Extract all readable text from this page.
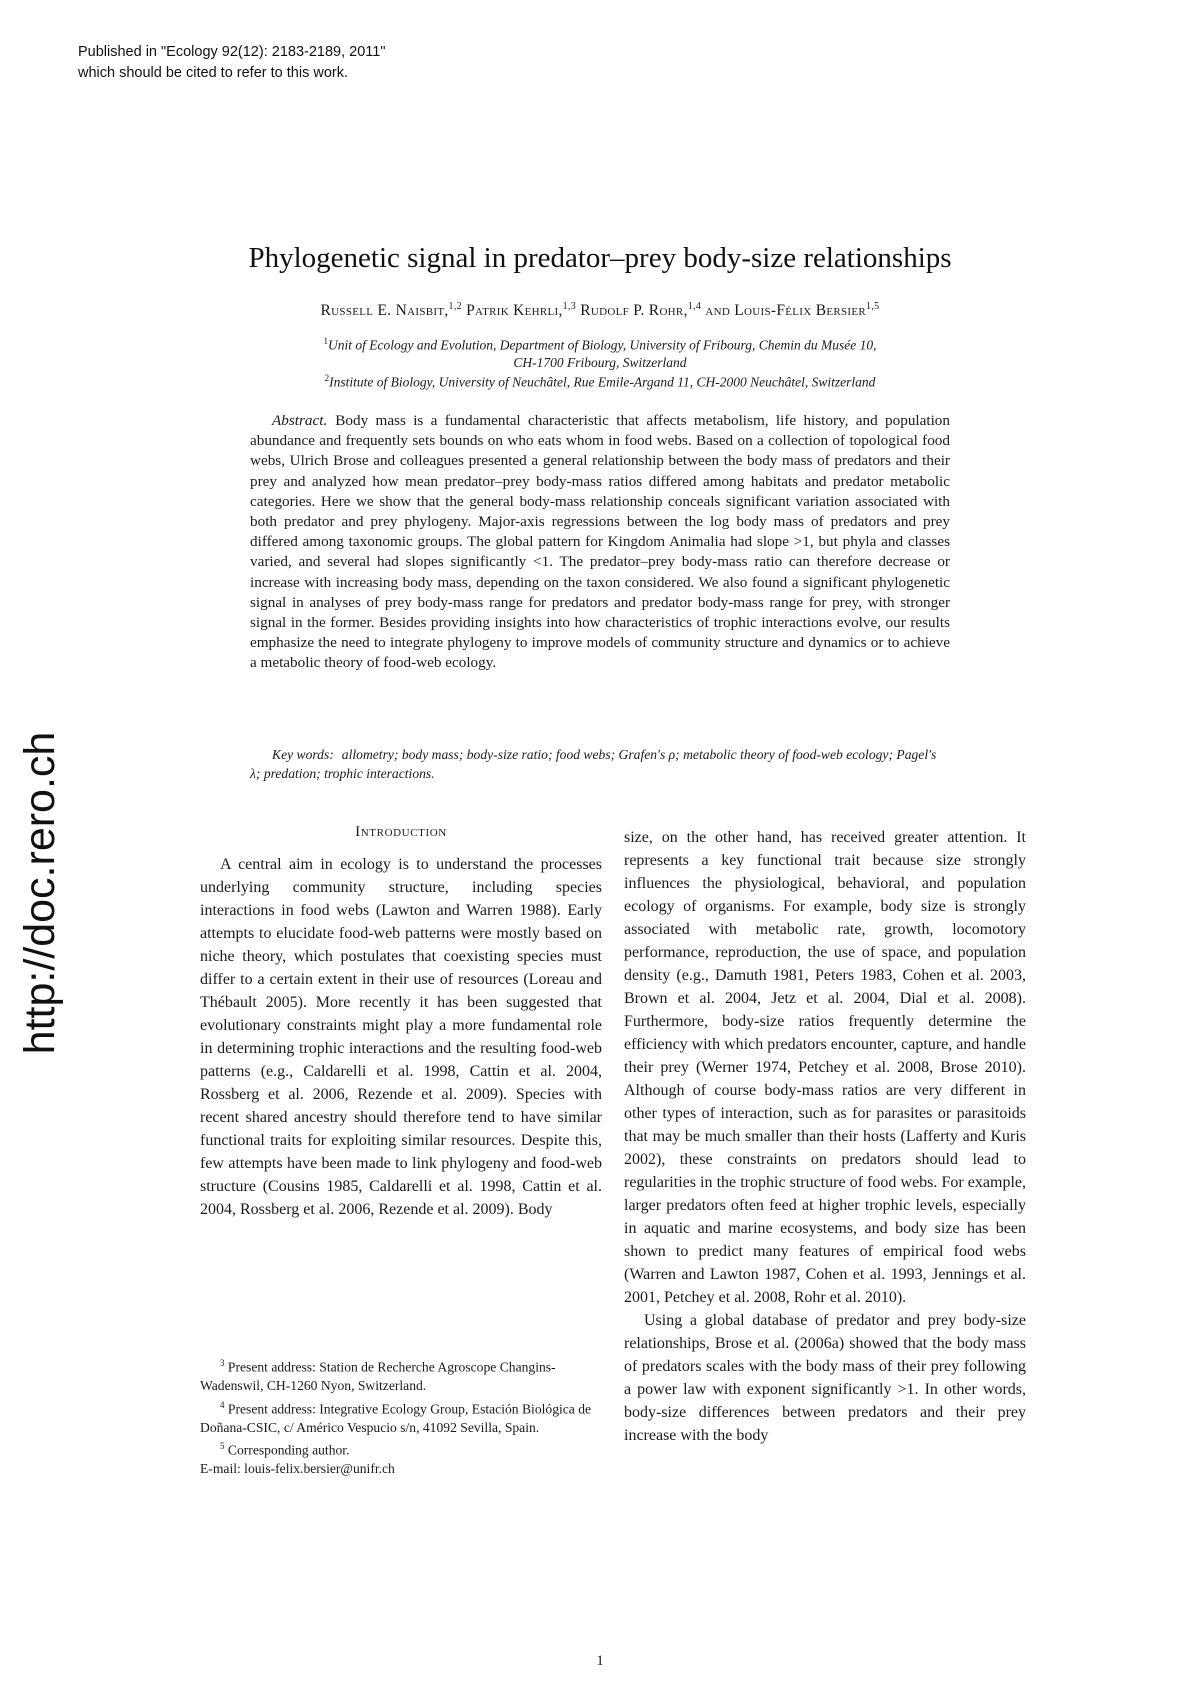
Published in "Ecology 92(12): 2183-2189, 2011"
which should be cited to refer to this work.
http://doc.rero.ch
Phylogenetic signal in predator–prey body-size relationships
Russell E. Naisbit,$^{1,2}$ Patrik Kehrli,$^{1,3}$ Rudolf P. Rohr,$^{1,4}$ and Louis-Félix Bersier$^{1,5}$
$^1$Unit of Ecology and Evolution, Department of Biology, University of Fribourg, Chemin du Musée 10,
CH-1700 Fribourg, Switzerland
$^2$Institute of Biology, University of Neuchâtel, Rue Emile-Argand 11, CH-2000 Neuchâtel, Switzerland
Abstract. Body mass is a fundamental characteristic that affects metabolism, life history, and population abundance and frequently sets bounds on who eats whom in food webs. Based on a collection of topological food webs, Ulrich Brose and colleagues presented a general relationship between the body mass of predators and their prey and analyzed how mean predator–prey body-mass ratios differed among habitats and predator metabolic categories. Here we show that the general body-mass relationship conceals significant variation associated with both predator and prey phylogeny. Major-axis regressions between the log body mass of predators and prey differed among taxonomic groups. The global pattern for Kingdom Animalia had slope >1, but phyla and classes varied, and several had slopes significantly <1. The predator–prey body-mass ratio can therefore decrease or increase with increasing body mass, depending on the taxon considered. We also found a significant phylogenetic signal in analyses of prey body-mass range for predators and predator body-mass range for prey, with stronger signal in the former. Besides providing insights into how characteristics of trophic interactions evolve, our results emphasize the need to integrate phylogeny to improve models of community structure and dynamics or to achieve a metabolic theory of food-web ecology.
Key words: allometry; body mass; body-size ratio; food webs; Grafen's ρ; metabolic theory of food-web ecology; Pagel's λ; predation; trophic interactions.
Introduction

A central aim in ecology is to understand the processes underlying community structure, including species interactions in food webs (Lawton and Warren 1988). Early attempts to elucidate food-web patterns were mostly based on niche theory, which postulates that coexisting species must differ to a certain extent in their use of resources (Loreau and Thébault 2005). More recently it has been suggested that evolutionary constraints might play a more fundamental role in determining trophic interactions and the resulting food-web patterns (e.g., Caldarelli et al. 1998, Cattin et al. 2004, Rossberg et al. 2006, Rezende et al. 2009). Species with recent shared ancestry should therefore tend to have similar functional traits for exploiting similar resources. Despite this, few attempts have been made to link phylogeny and food-web structure (Cousins 1985, Caldarelli et al. 1998, Cattin et al. 2004, Rossberg et al. 2006, Rezende et al. 2009). Body

size, on the other hand, has received greater attention. It represents a key functional trait because size strongly influences the physiological, behavioral, and population ecology of organisms. For example, body size is strongly associated with metabolic rate, growth, locomotory performance, reproduction, the use of space, and population density (e.g., Damuth 1981, Peters 1983, Cohen et al. 2003, Brown et al. 2004, Jetz et al. 2004, Dial et al. 2008). Furthermore, body-size ratios frequently determine the efficiency with which predators encounter, capture, and handle their prey (Werner 1974, Petchey et al. 2008, Brose 2010). Although of course body-mass ratios are very different in other types of interaction, such as for parasites or parasitoids that may be much smaller than their hosts (Lafferty and Kuris 2002), these constraints on predators should lead to regularities in the trophic structure of food webs. For example, larger predators often feed at higher trophic levels, especially in aquatic and marine ecosystems, and body size has been shown to predict many features of empirical food webs (Warren and Lawton 1987, Cohen et al. 1993, Jennings et al. 2001, Petchey et al. 2008, Rohr et al. 2010).

Using a global database of predator and prey body-size relationships, Brose et al. (2006a) showed that the body mass of predators scales with the body mass of their prey following a power law with exponent significantly >1. In other words, body-size differences between predators and their prey increase with the body

$^3$ Present address: Station de Recherche Agroscope Changins-Wadenswil, CH-1260 Nyon, Switzerland.

$^4$ Present address: Integrative Ecology Group, Estación Biológica de Doñana-CSIC, c/ Américo Vespucio s/n, 41092 Sevilla, Spain.

$^5$ Corresponding author.

E-mail: louis-felix.bersier@unifr.ch

1
